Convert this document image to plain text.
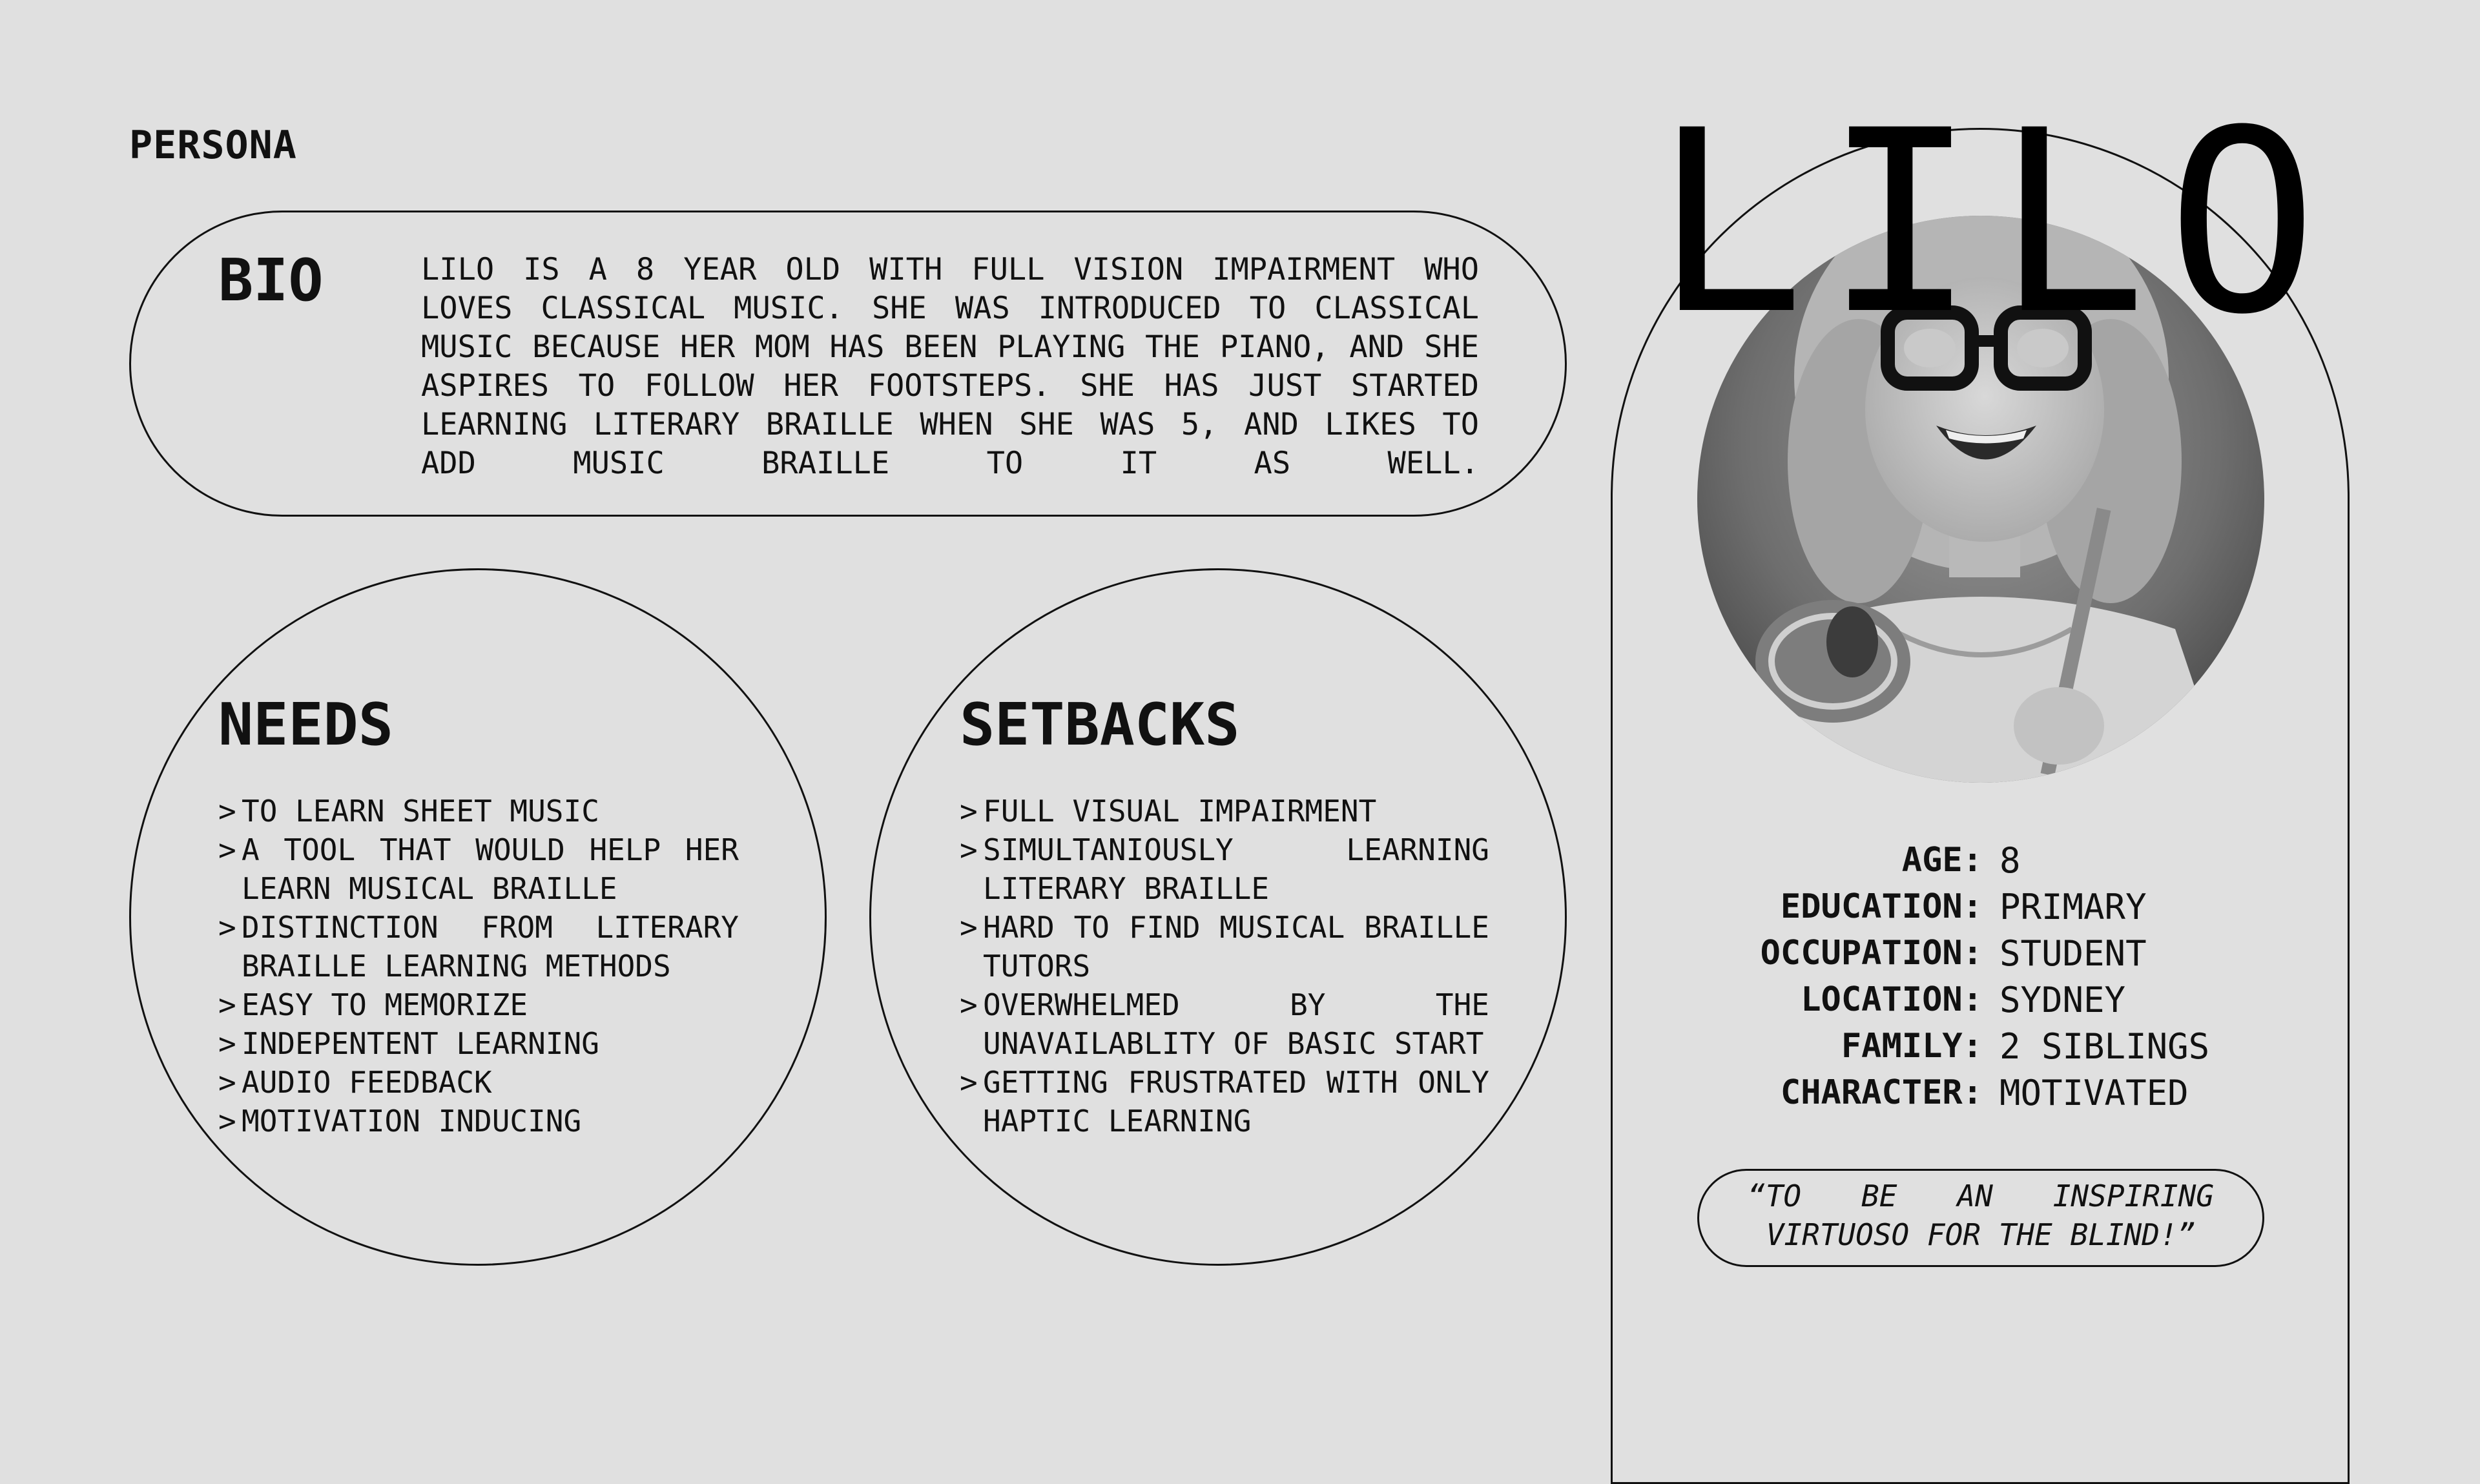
PERSONA
BIO	LILO IS A 8 YEAR OLD WITH FULL VISION IMPAIRMENT WHO LOVES CLASSICAL MUSIC. SHE WAS INTRODUCED TO CLASSICAL MUSIC BECAUSE HER MOM HAS BEEN PLAYING THE PIANO, AND SHE ASPIRES TO FOLLOW HER FOOTSTEPS. SHE HAS JUST STARTED LEARNING LITERARY BRAILLE WHEN SHE WAS 5, AND LIKES TO ADD MUSIC BRAILLE TO IT AS WELL.
NEEDS
> TO LEARN SHEET MUSIC
> A TOOL THAT WOULD HELP HER LEARN MUSICAL BRAILLE
> DISTINCTION FROM LITERARY BRAILLE LEARNING METHODS
> EASY TO MEMORIZE
> INDEPENTENT LEARNING
> AUDIO FEEDBACK
> MOTIVATION INDUCING
SETBACKS
> FULL VISUAL IMPAIRMENT
> SIMULTANIOUSLY LEARNING LITERARY BRAILLE
> HARD TO FIND MUSICAL BRAILLE TUTORS
> OVERWHELMED BY THE UNAVAILABLITY OF BASIC START
> GETTING FRUSTRATED WITH ONLY HAPTIC LEARNING
LILO
AGE: 8
EDUCATION: PRIMARY
OCCUPATION: STUDENT
LOCATION: SYDNEY
FAMILY: 2 SIBLINGS
CHARACTER: MOTIVATED
“TO BE AN INSPIRING VIRTUOSO FOR THE BLIND!”
